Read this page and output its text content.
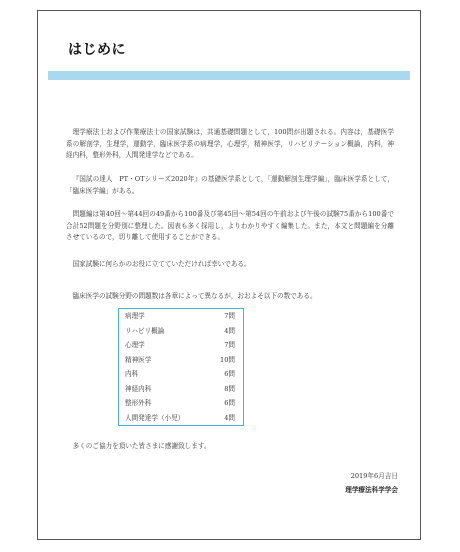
はじめに

理学療法士および作業療法士の国家試験は，共通基礎問題として，100問が出題される。内容は，基礎医学系の解剖学，生理学，運動学，臨床医学系の病理学，心理学，精神医学，リハビリテーション概論，内科，神経内科，整形外科，人間発達学などである。

『国試の達人　PT・OTシリーズ2020年』の基礎医学系として，「運動解剖生理学編」，臨床医学系として，「臨床医学編」がある。

問題編は第40回～第44回の49番から100番及び第45回～第54回の午前および午後の試験75番から100番で合計52問題を分野別に整理した。図表も多く採用し，よりわかりやすく編集した。また，本文と問題編を分離させているので，切り離して使用することができる。

国家試験に何らかのお役に立てていただければ幸いである。

臨床医学の試験分野の問題数は各章によって異なるが，おおよそ以下の数である。

病理学	7問
リハビリ概論	4問
心理学	7問
精神医学	10問
内科	6問
神経内科	8問
整形外科	6問
人間発達学（小児）	4問

多くのご協力を頂いた皆さまに感謝致します。

2019年6月吉日

理学療法科学学会
